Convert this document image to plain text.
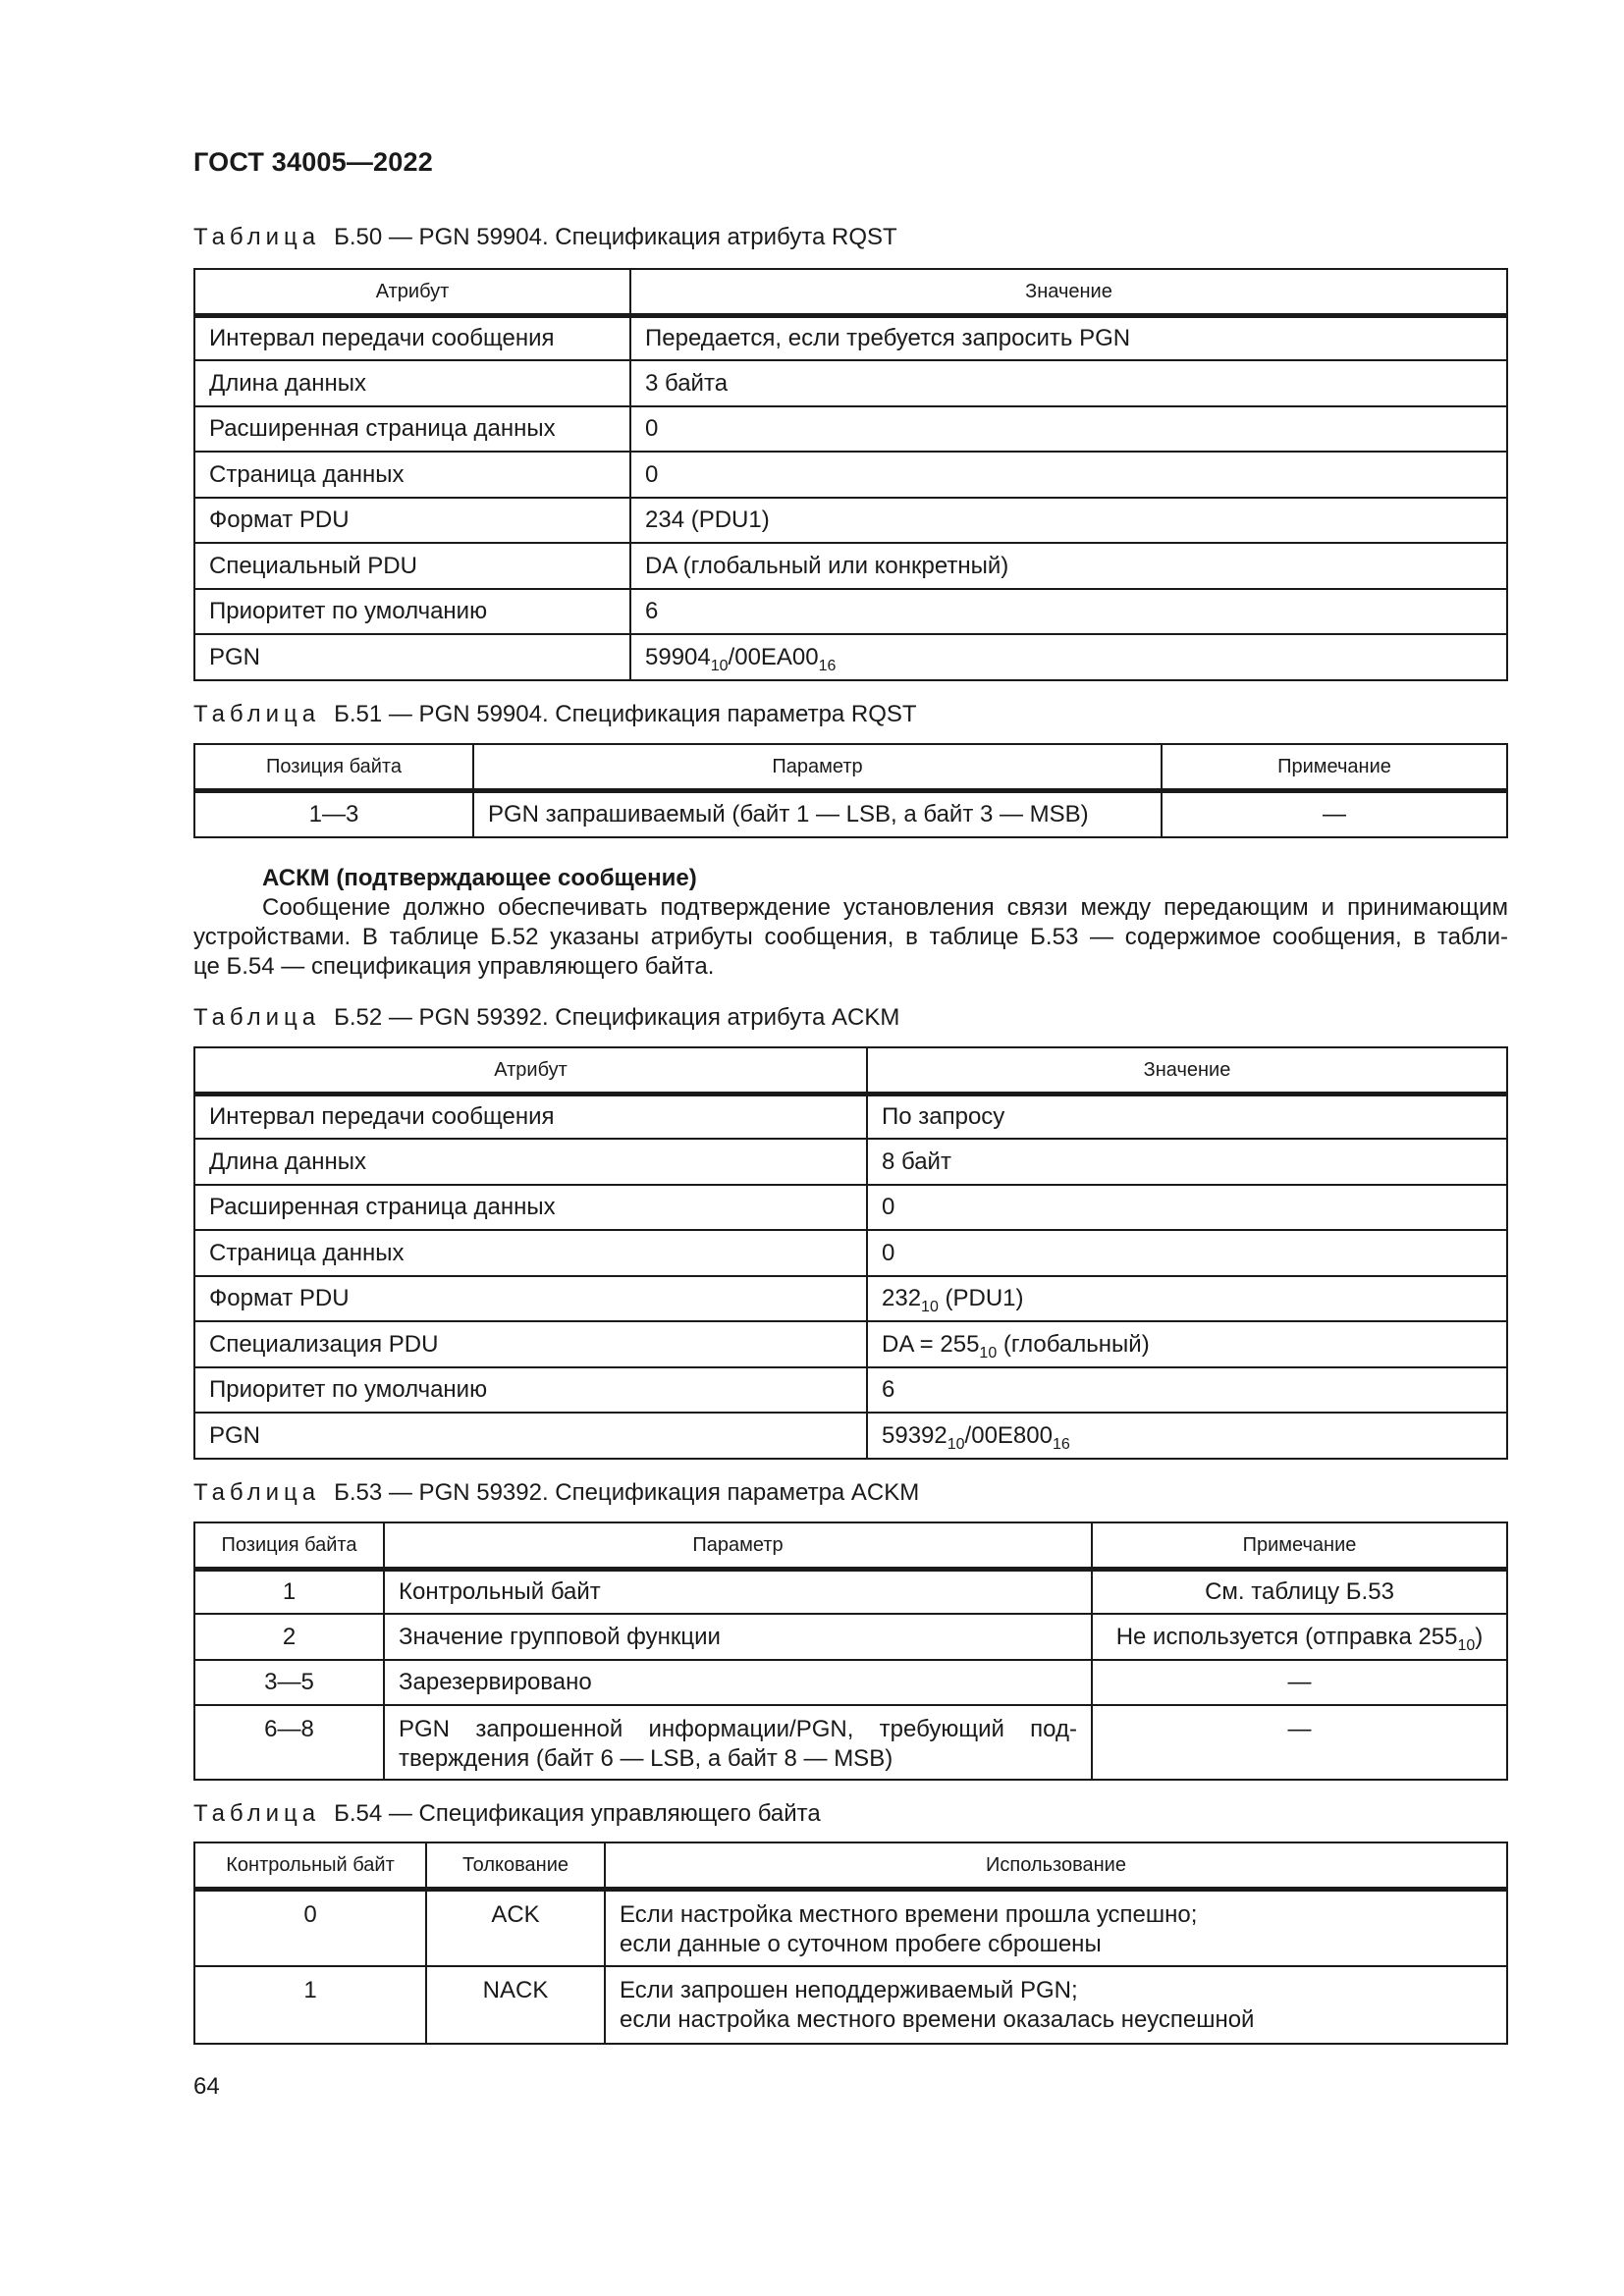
ГОСТ 34005—2022
Таблица Б.50 — PGN 59904. Спецификация атрибута RQST
Атрибут	Значение
Интервал передачи сообщения	Передается, если требуется запросить PGN
Длина данных	3 байта
Расширенная страница данных	0
Страница данных	0
Формат PDU	234 (PDU1)
Специальный PDU	DA (глобальный или конкретный)
Приоритет по умолчанию	6
PGN	$59904_{10}/00EA00_{16}$
Таблица Б.51 — PGN 59904. Спецификация параметра RQST
Позиция байта	Параметр	Примечание
1—3	PGN запрашиваемый (байт 1 — LSB, а байт 3 — MSB)	—
АСКМ (подтверждающее сообщение)
Сообщение должно обеспечивать подтверждение установления связи между передающим и принимающим
устройствами. В таблице Б.52 указаны атрибуты сообщения, в таблице Б.53 — содержимое сообщения, в табли-
це Б.54 — спецификация управляющего байта.
Таблица Б.52 — PGN 59392. Спецификация атрибута ACKM
Атрибут	Значение
Интервал передачи сообщения	По запросу
Длина данных	8 байт
Расширенная страница данных	0
Страница данных	0
Формат PDU	$232_{10}$ (PDU1)
Специализация PDU	DA = $255_{10}$ (глобальный)
Приоритет по умолчанию	6
PGN	$59392_{10}/00E800_{16}$
Таблица Б.53 — PGN 59392. Спецификация параметра ACKM
Позиция байта	Параметр	Примечание
1	Контрольный байт	См. таблицу Б.53
2	Значение групповой функции	Не используется (отправка $255_{10}$)
3—5	Зарезервировано	—
6—8	PGN запрошенной информации/PGN, требующий под-
тверждения (байт 6 — LSB, а байт 8 — MSB)	—
Таблица Б.54 — Спецификация управляющего байта
Контрольный байт	Толкование	Использование
0	ACK	Если настройка местного времени прошла успешно;
если данные о суточном пробеге сброшены

1	NACK	Если запрошен неподдерживаемый PGN;
если настройка местного времени оказалась неуспешной
64
